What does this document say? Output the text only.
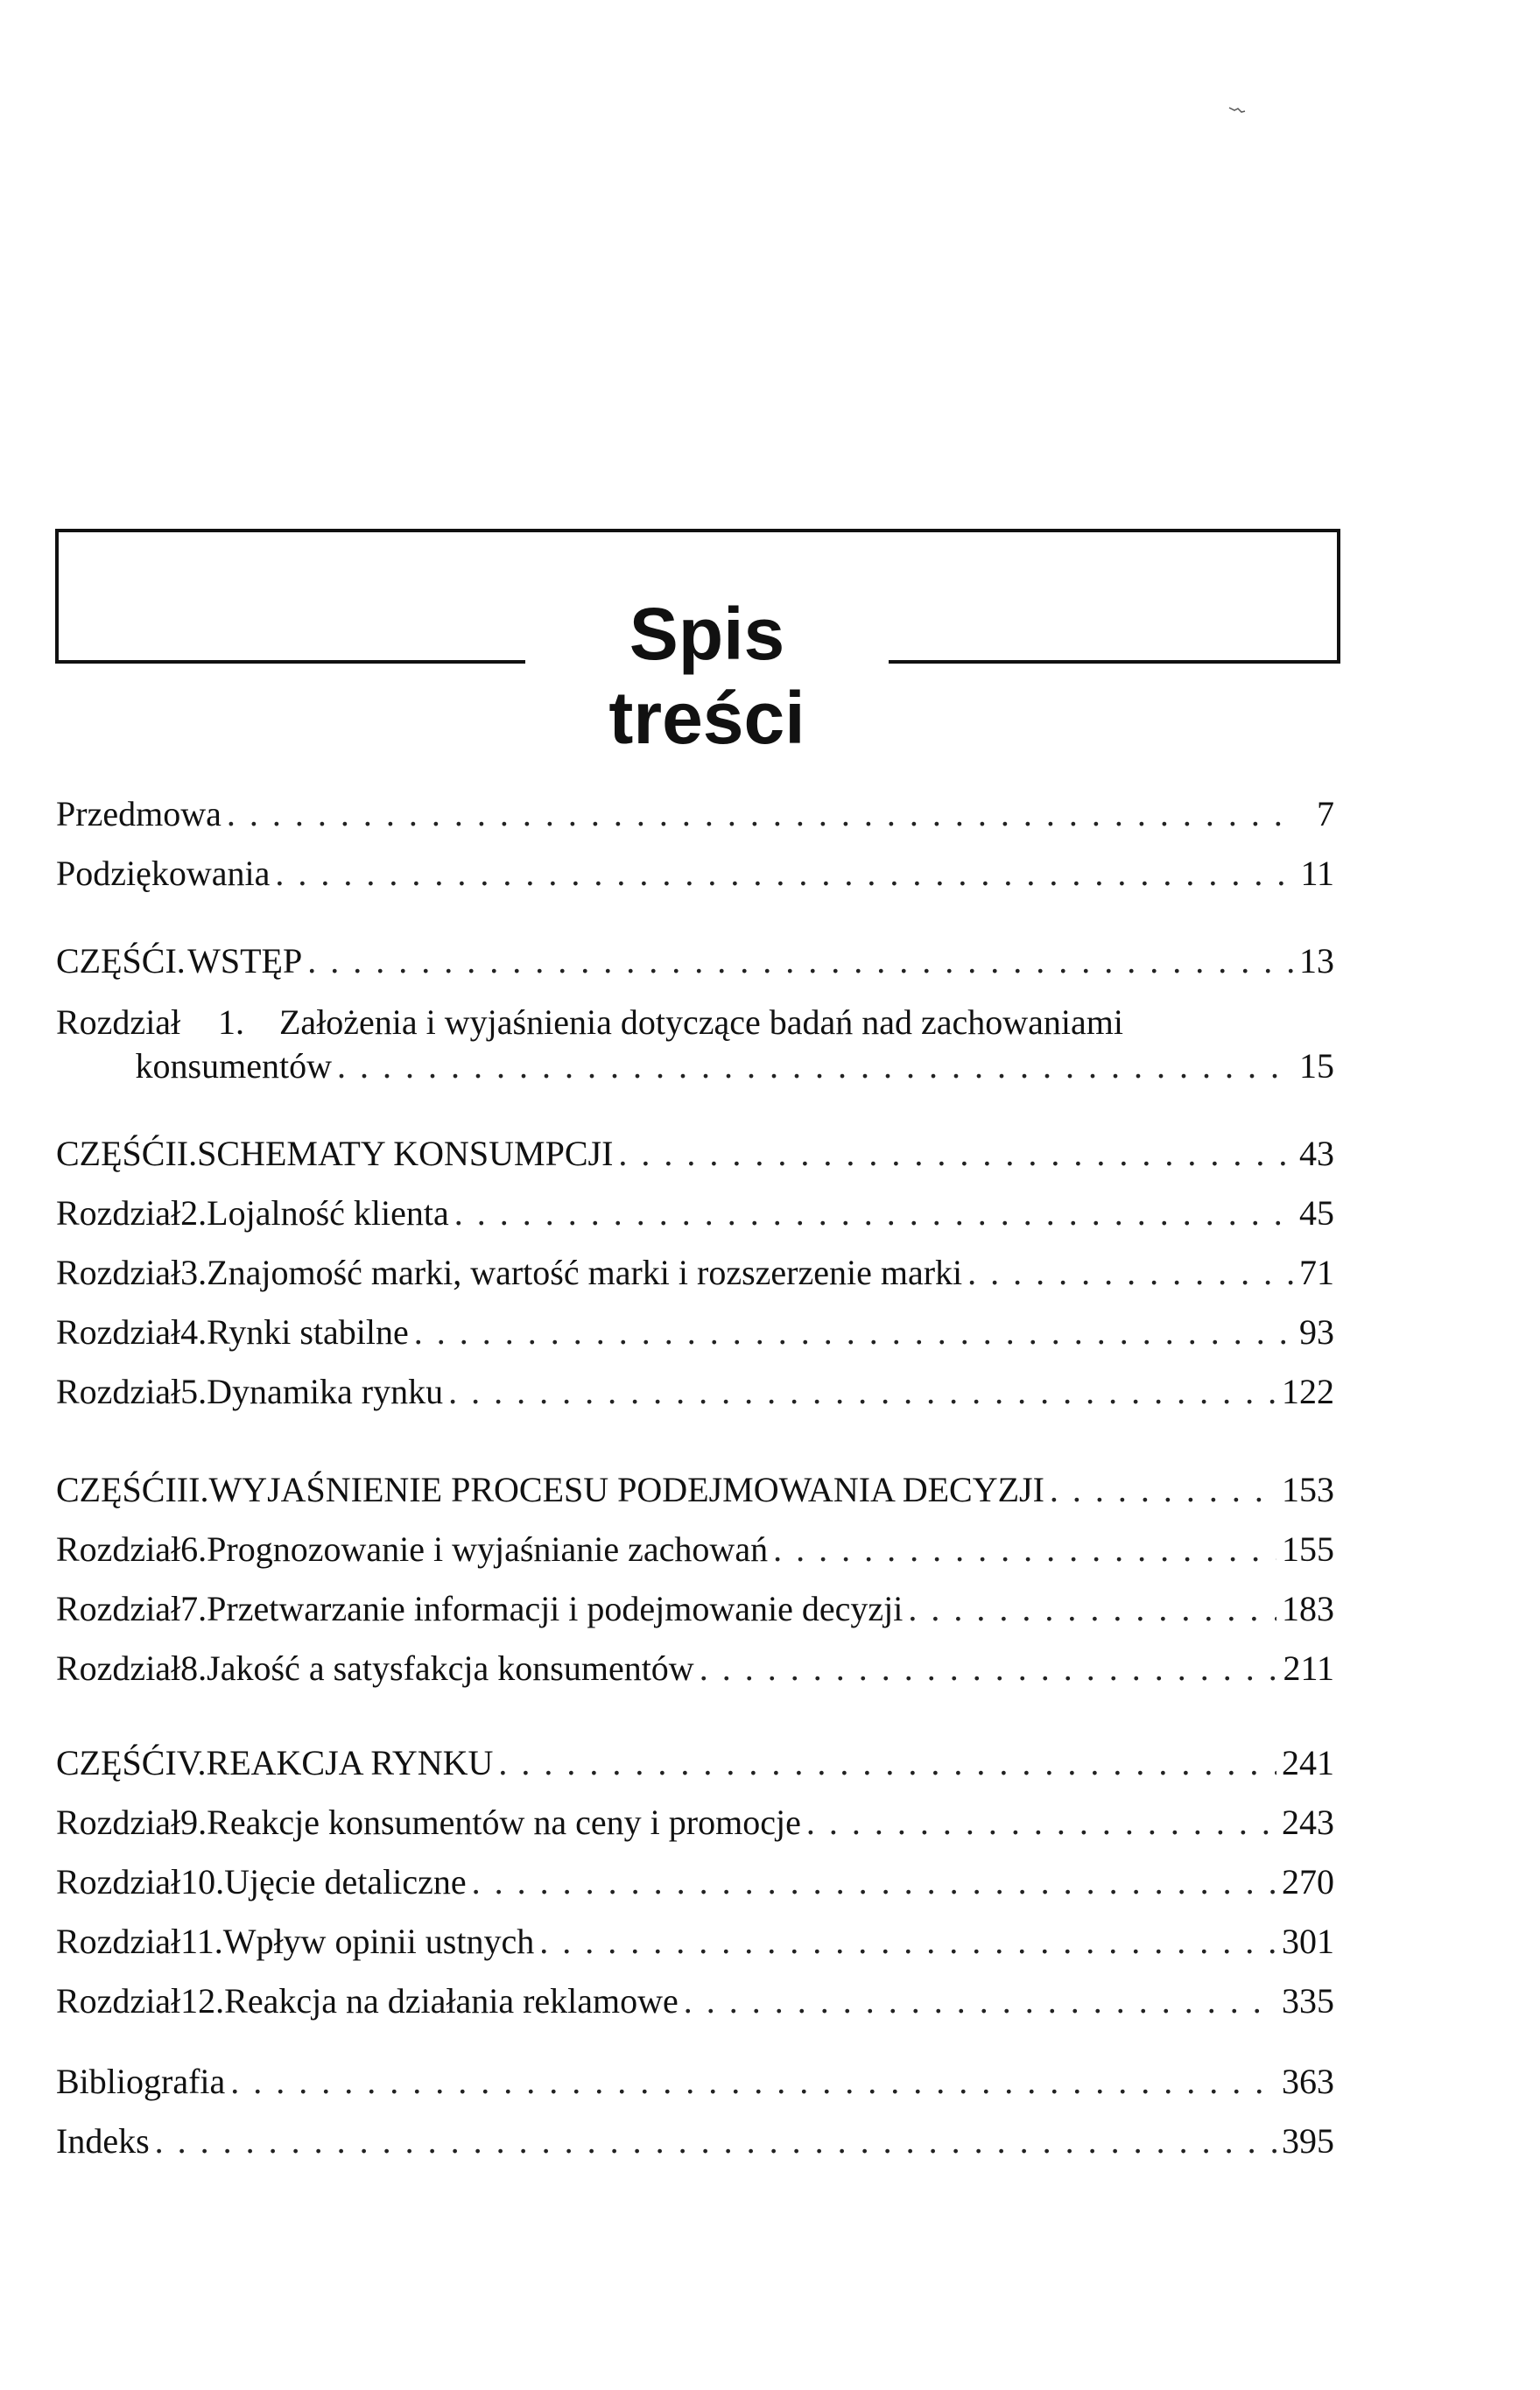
Spis treści
Przedmowa . . .	7
Podziękowania . . .	11
CZĘŚĆ I. WSTĘP . . .	13
Rozdział	1.	Założenia i wyjaśnienia dotyczące badań nad zachowaniami
konsumentów . . .	15
CZĘŚĆ II. SCHEMATY KONSUMPCJI . . .	43
Rozdział 2. Lojalność klienta . . .	45
Rozdział 3. Znajomość marki, wartość marki i rozszerzenie marki . . .	71
Rozdział 4. Rynki stabilne . . .	93
Rozdział 5. Dynamika rynku . . .	122
CZĘŚĆ III. WYJAŚNIENIE PROCESU PODEJMOWANIA DECYZJI . . .	153
Rozdział 6. Prognozowanie i wyjaśnianie zachowań . . .	155
Rozdział 7. Przetwarzanie informacji i podejmowanie decyzji . . .	183
Rozdział 8. Jakość a satysfakcja konsumentów . . .	211
CZĘŚĆ IV. REAKCJA RYNKU . . .	241
Rozdział 9. Reakcje konsumentów na ceny i promocje . . .	243
Rozdział 10. Ujęcie detaliczne . . .	270
Rozdział 11. Wpływ opinii ustnych . . .	301
Rozdział 12. Reakcja na działania reklamowe . . .	335
Bibliografia . . .	363
Indeks . . .	395
